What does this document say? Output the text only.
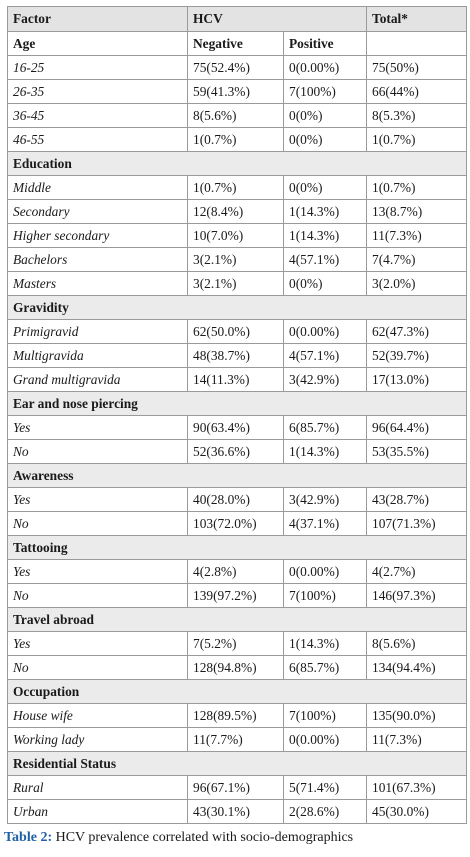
Factor	HCV		Total*
Age	Negative	Positive	
16-25	75(52.4%)	0(0.00%)	75(50%)
26-35	59(41.3%)	7(100%)	66(44%)
36-45	8(5.6%)	0(0%)	8(5.3%)
46-55	1(0.7%)	0(0%)	1(0.7%)
Education			
Middle	1(0.7%)	0(0%)	1(0.7%)
Secondary	12(8.4%)	1(14.3%)	13(8.7%)
Higher secondary	10(7.0%)	1(14.3%)	11(7.3%)
Bachelors	3(2.1%)	4(57.1%)	7(4.7%)
Masters	3(2.1%)	0(0%)	3(2.0%)
Gravidity			
Primigravid	62(50.0%)	0(0.00%)	62(47.3%)
Multigravida	48(38.7%)	4(57.1%)	52(39.7%)
Grand multigravida	14(11.3%)	3(42.9%)	17(13.0%)
Ear and nose piercing			
Yes	90(63.4%)	6(85.7%)	96(64.4%)
No	52(36.6%)	1(14.3%)	53(35.5%)
Awareness			
Yes	40(28.0%)	3(42.9%)	43(28.7%)
No	103(72.0%)	4(37.1%)	107(71.3%)
Tattooing			
Yes	4(2.8%)	0(0.00%)	4(2.7%)
No	139(97.2%)	7(100%)	146(97.3%)
Travel abroad			
Yes	7(5.2%)	1(14.3%)	8(5.6%)
No	128(94.8%)	6(85.7%)	134(94.4%)
Occupation			
House wife	128(89.5%)	7(100%)	135(90.0%)
Working lady	11(7.7%)	0(0.00%)	11(7.3%)
Residential Status			
Rural	96(67.1%)	5(71.4%)	101(67.3%)
Urban	43(30.1%)	2(28.6%)	45(30.0%)
Table 2: HCV prevalence correlated with socio-demographics
